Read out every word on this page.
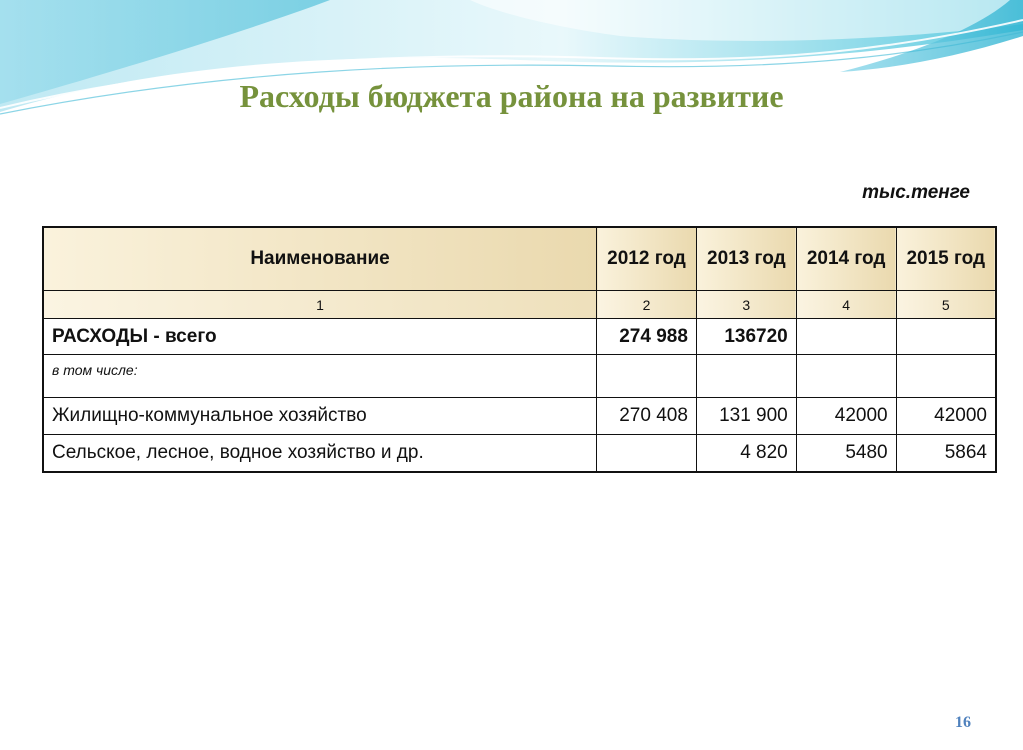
Расходы бюджета района на развитие
тыс.тенге
Наименование	2012 год	2013 год	2014 год	2015 год
1	2	3	4	5
РАСХОДЫ - всего	274 988	136720		
в том числе:				
Жилищно-коммунальное хозяйство	270 408	131 900	42000	42000
Сельское, лесное, водное хозяйство и др.		4 820	5480	5864
16
